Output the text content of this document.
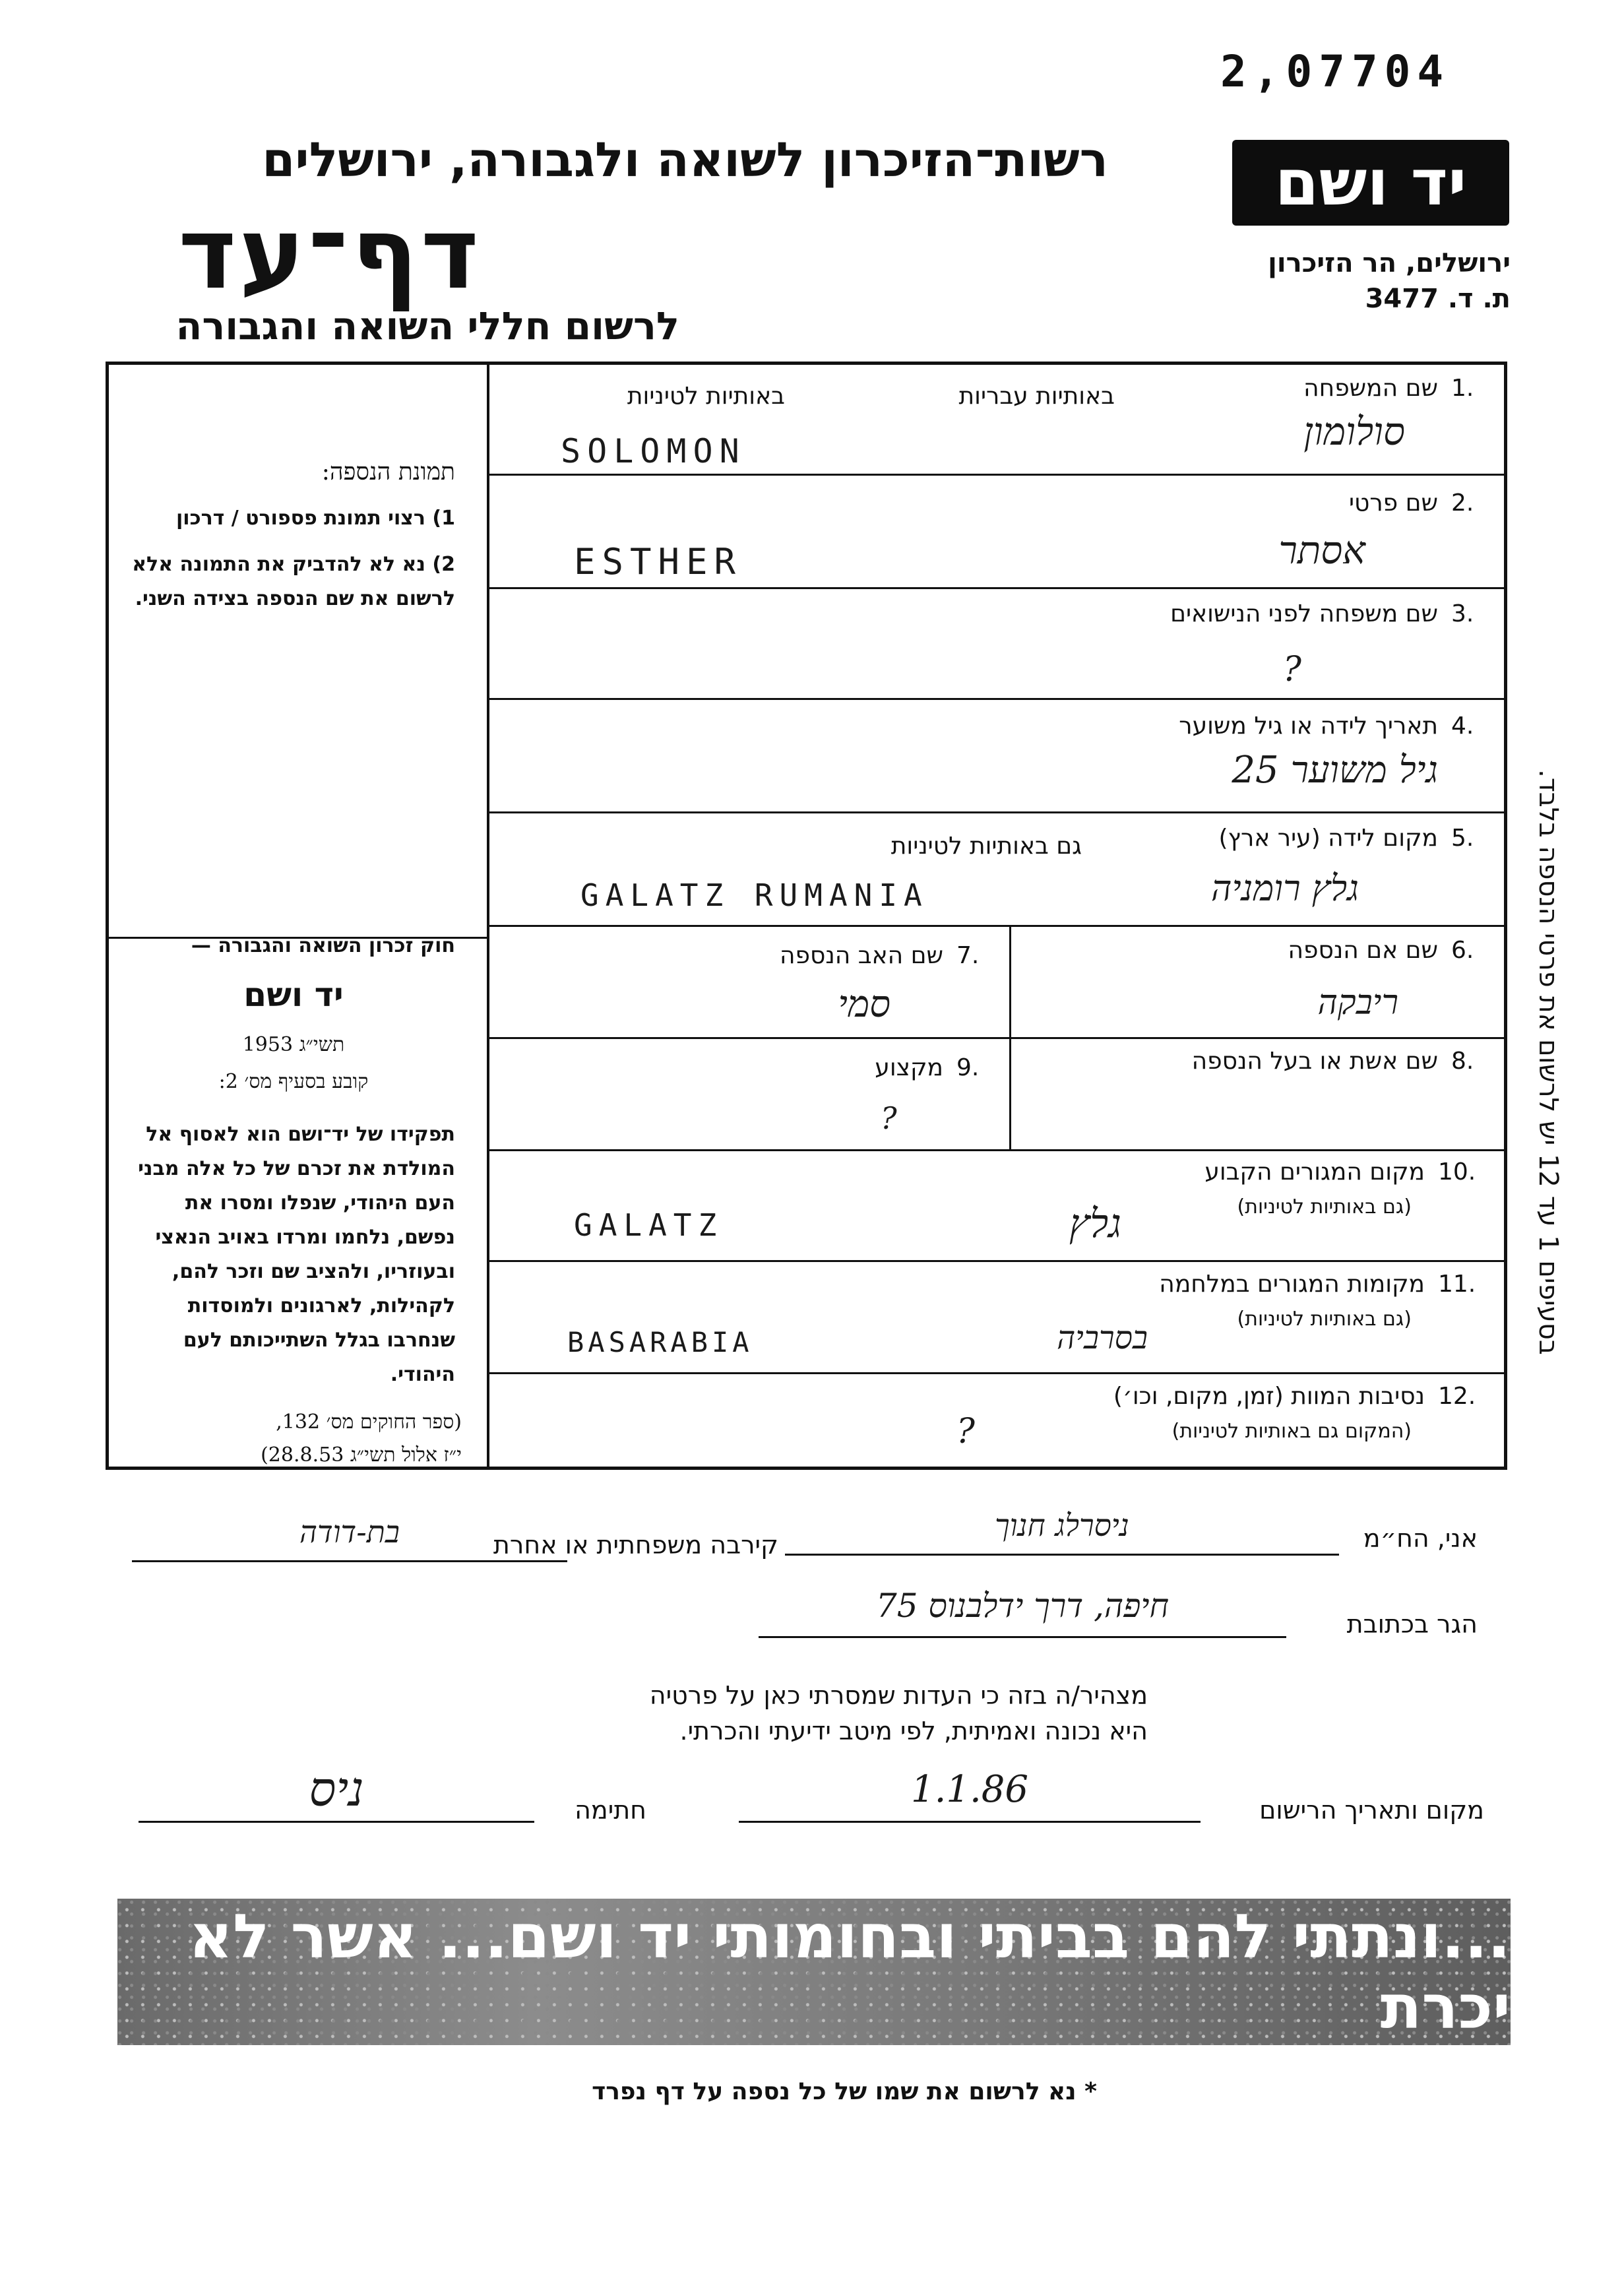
2,07704
יד ושם
ירושלים, הר הזיכרון
ת. ד. 3477
רשות־הזיכרון לשואה ולגבורה, ירושלים
דף־עד
לרשום חללי השואה והגבורה
תמונת הנספה:
1) רצוי תמונת פספורט / דרכון
2) נא לא להדביק את התמונה אלא לרשום את שם הנספה בצידה השני.
חוק זכרון השואה והגבורה —
יד ושם
תשי״ג 1953
קובע בסעיף מס׳ 2:
תפקידו של יד־ושם הוא לאסוף אל המולדת את זכרם של כל אלה מבני העם היהודי, שנפלו ומסרו את נפשם, נלחמו ומרדו באויב הנאצי ובעוזריו, ולהציב שם וזכר להם, לקהילות, לארגונים ולמוסדות שנחרבו בגלל השתייכותם לעם היהודי.
(ספר החוקים מס׳ 132,
י״ז אלול תשי״ג 28.8.53)
1.
שם המשפחה
באותיות עבריות
באותיות לטיניות
סולומון
SOLOMON
2.
שם פרטי
אסתר
ESTHER
3.
שם משפחה לפני הנישואים
?
4.
תאריך לידה או גיל משוער
גיל משוער 25
5.
מקום לידה (עיר ארץ)
גם באותיות לטיניות
גלץ רומניה
GALATZ RUMANIA
6.
שם אם הנספה
ריבקה
7.
שם האב הנספה
סמי
8.
שם אשת או בעל הנספה
9.
מקצוע
?
10.
מקום המגורים הקבוע
(גם באותיות לטיניות)
גלץ
GALATZ
11.
מקומות המגורים במלחמה
(גם באותיות לטיניות)
בסרביה
BASARABIA
12.
נסיבות המוות (זמן, מקום, וכו׳)
(המקום גם באותיות לטיניות)
?
בסעיפים 1 עד 12 יש לרשום את פרטי הנספה בלבד.
אני, הח״מ
ניסרלג חנוך
קירבה משפחתית או אחרת
בת-דודה
הגר בכתובת
חיפה, דרך ידלבנוס 75
מצהיר/ה בזה כי העדות שמסרתי כאן על פרטיה
היא נכונה ואמיתית, לפי מיטב ידיעתי והכרתי.
מקום ותאריך הרישום
1.1.86
חתימה
ניס
...ונתתי להם בביתי ובחומותי יד ושם... אשר לא יכרת
* נא לרשום את שמו של כל נספה על דף נפרד
